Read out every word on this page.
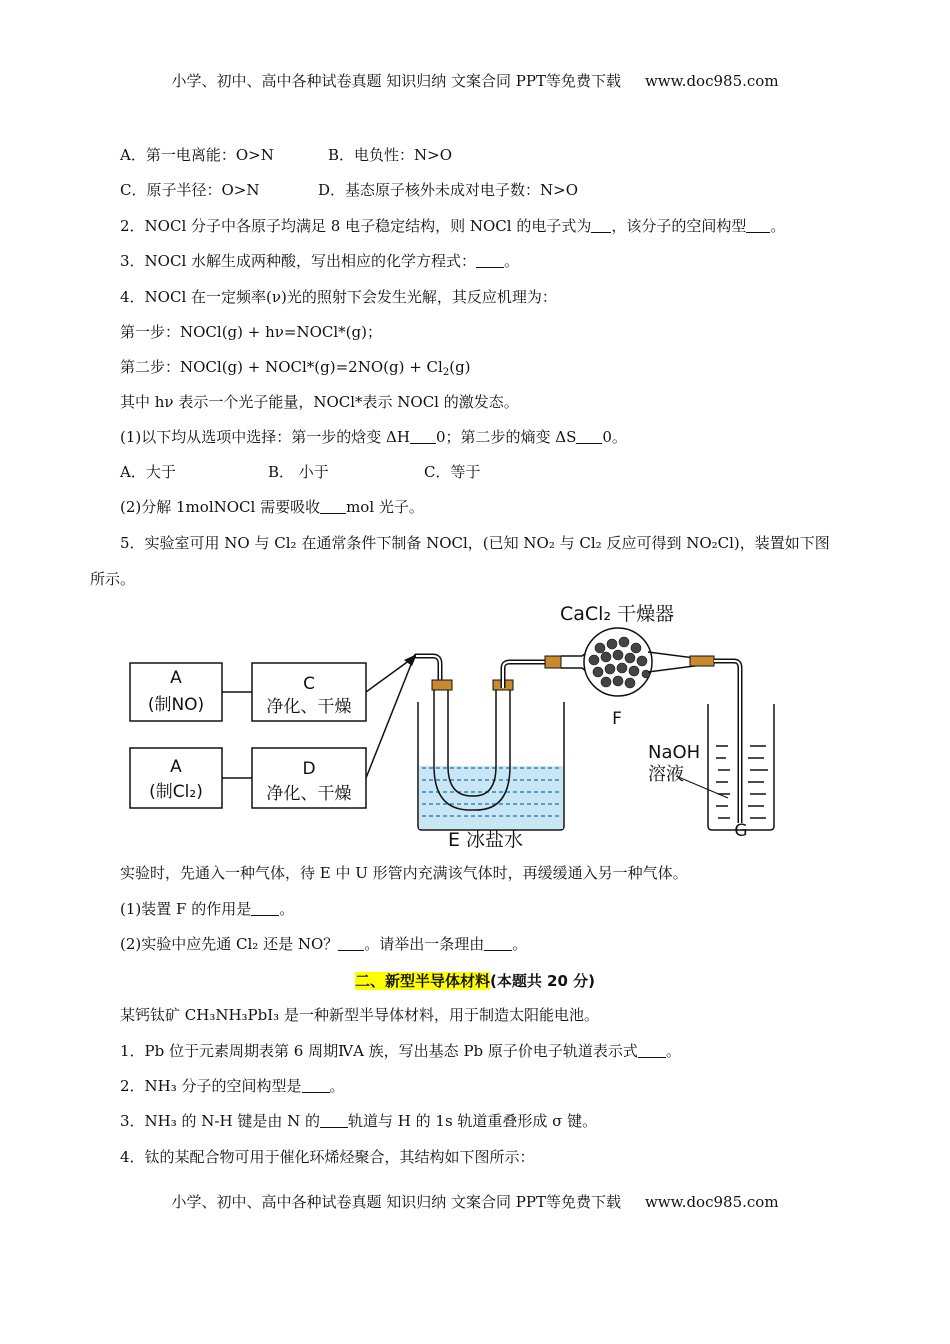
小学、初中、高中各种试卷真题 知识归纳 文案合同 PPT等免费下载 www.doc985.com
A．第一电离能：O>N	B．电负性：N>O
C．原子半径：O>N	D．基态原子核外未成对电子数：N>O
2．NOCl 分子中各原子均满足 8 电子稳定结构，则 NOCl 的电子式为 ，该分子的空间构型 。
3．NOCl 水解生成两种酸，写出相应的化学方程式： 。
4．NOCl 在一定频率(ν)光的照射下会发生光解，其反应机理为：
第一步：NOCl(g) + hν=NOCl*(g)；
第二步：NOCl(g) + NOCl*(g)=2NO(g) + $Cl_2(g)$
其中 hν 表示一个光子能量，NOCl*表示 NOCl 的激发态。
(1)以下均从选项中选择：第一步的焓变 ΔH 0；第二步的熵变 ΔS 0。
A．大于	B． 小于	C．等于
(2)分解 1molNOCl 需要吸收 mol 光子。
5．实验室可用 NO 与 Cl₂ 在通常条件下制备 NOCl，(已知 NO₂ 与 Cl₂ 反应可得到 NO₂Cl)，装置如下图
所示。
A
(制NO)
C
净化、干燥
A
(制Cl₂)
D
净化、干燥
CaCl₂ 干燥器
F
NaOH
溶液
E 冰盐水	G
实验时，先通入一种气体，待 E 中 U 形管内充满该气体时，再缓缓通入另一种气体。
(1)装置 F 的作用是 。
(2)实验中应先通 Cl₂ 还是 NO？ 。请举出一条理由 。
二、新型半导体材料(本题共 20 分)
某钙钛矿 CH₃NH₃PbI₃ 是一种新型半导体材料，用于制造太阳能电池。
1．Pb 位于元素周期表第 6 周期ⅣA 族，写出基态 Pb 原子价电子轨道表示式 。
2．NH₃ 分子的空间构型是 。
3．NH₃ 的 N-H 键是由 N 的 轨道与 H 的 1s 轨道重叠形成 σ 键。
4．钛的某配合物可用于催化环烯烃聚合，其结构如下图所示：
小学、初中、高中各种试卷真题 知识归纳 文案合同 PPT等免费下载 www.doc985.com
